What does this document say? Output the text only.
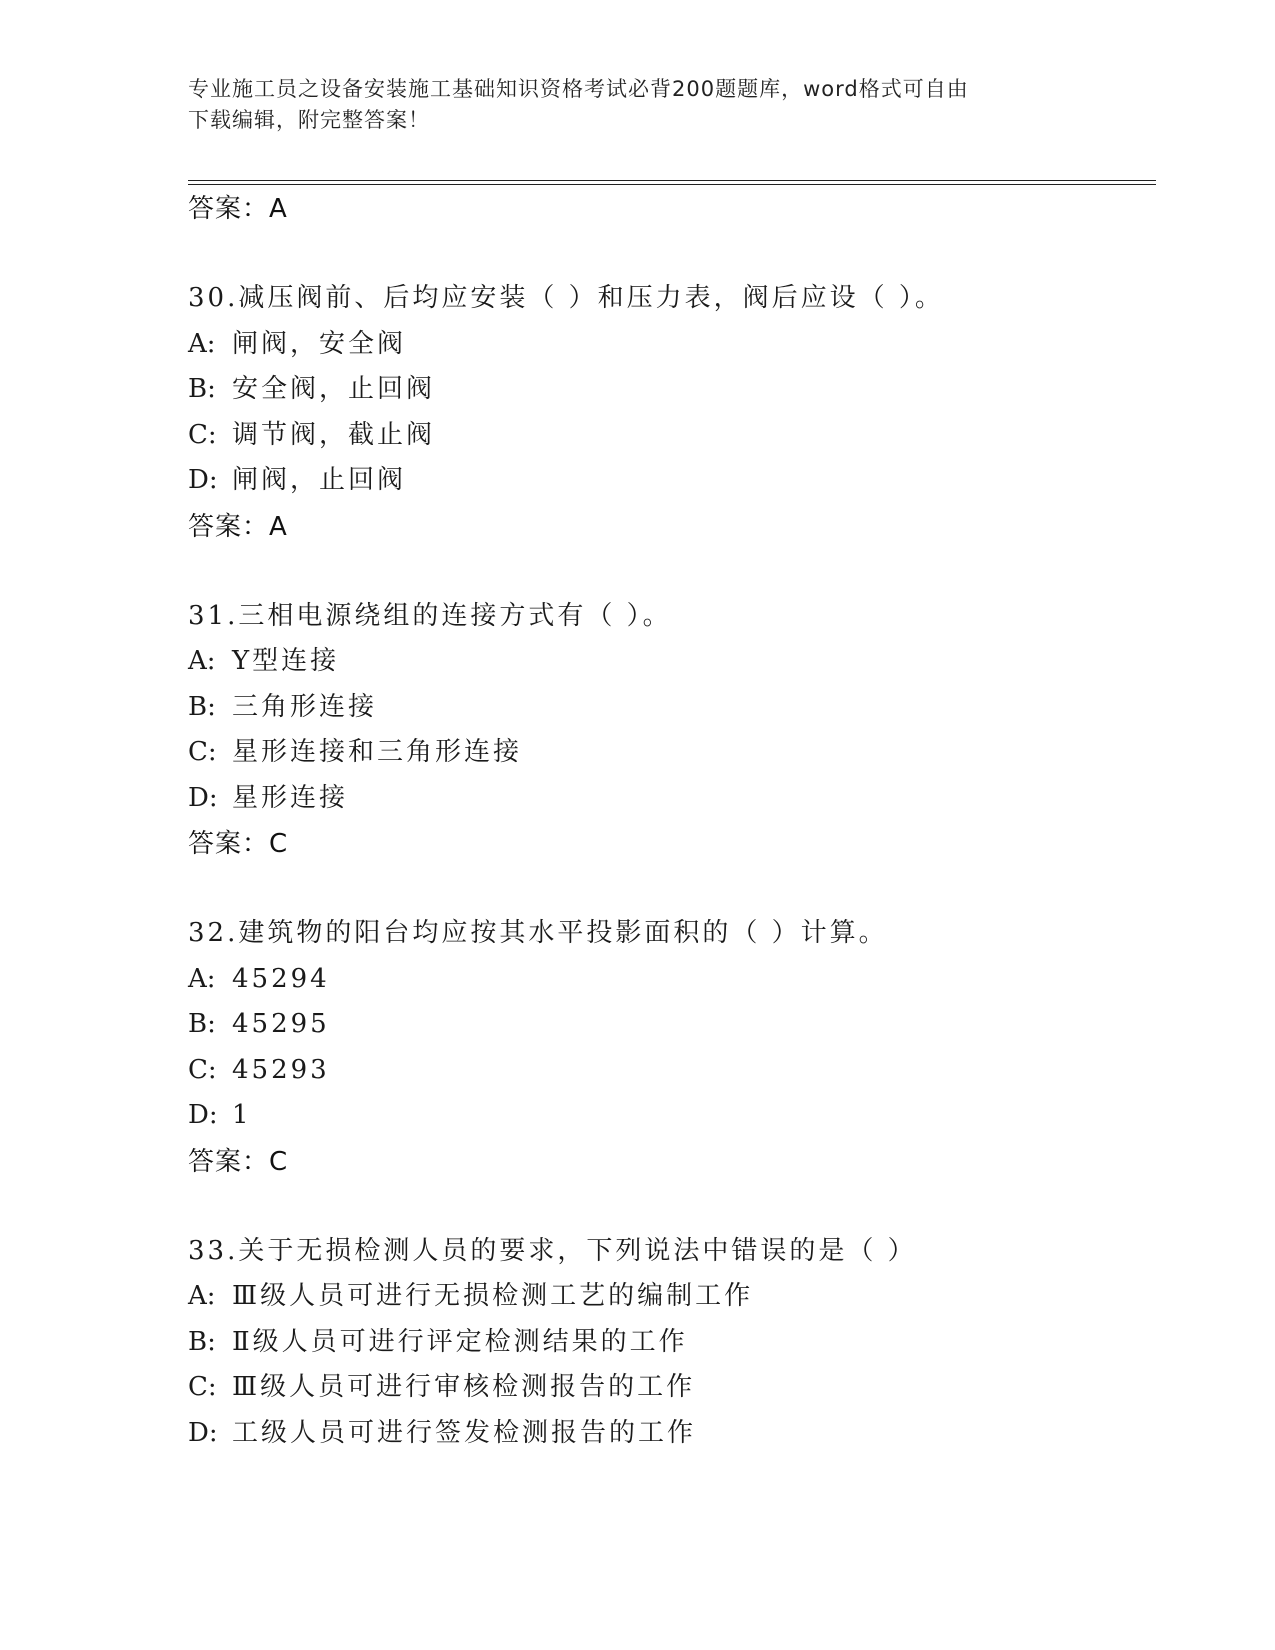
专业施工员之设备安装施工基础知识资格考试必背200题题库，word格式可自由
下载编辑，附完整答案！
答案：A
30.减压阀前、后均应安装（ ）和压力表，阀后应设（ ）。
A: 闸阀，安全阀
B: 安全阀，止回阀
C: 调节阀，截止阀
D: 闸阀，止回阀
答案：A
31.三相电源绕组的连接方式有（ ）。
A: Y型连接
B: 三角形连接
C: 星形连接和三角形连接
D: 星形连接
答案：C
32.建筑物的阳台均应按其水平投影面积的（ ）计算。
A: 45294
B: 45295
C: 45293
D: 1
答案：C
33.关于无损检测人员的要求，下列说法中错误的是（ ）
A: Ⅲ级人员可进行无损检测工艺的编制工作
B: Ⅱ级人员可进行评定检测结果的工作
C: Ⅲ级人员可进行审核检测报告的工作
D: 工级人员可进行签发检测报告的工作
